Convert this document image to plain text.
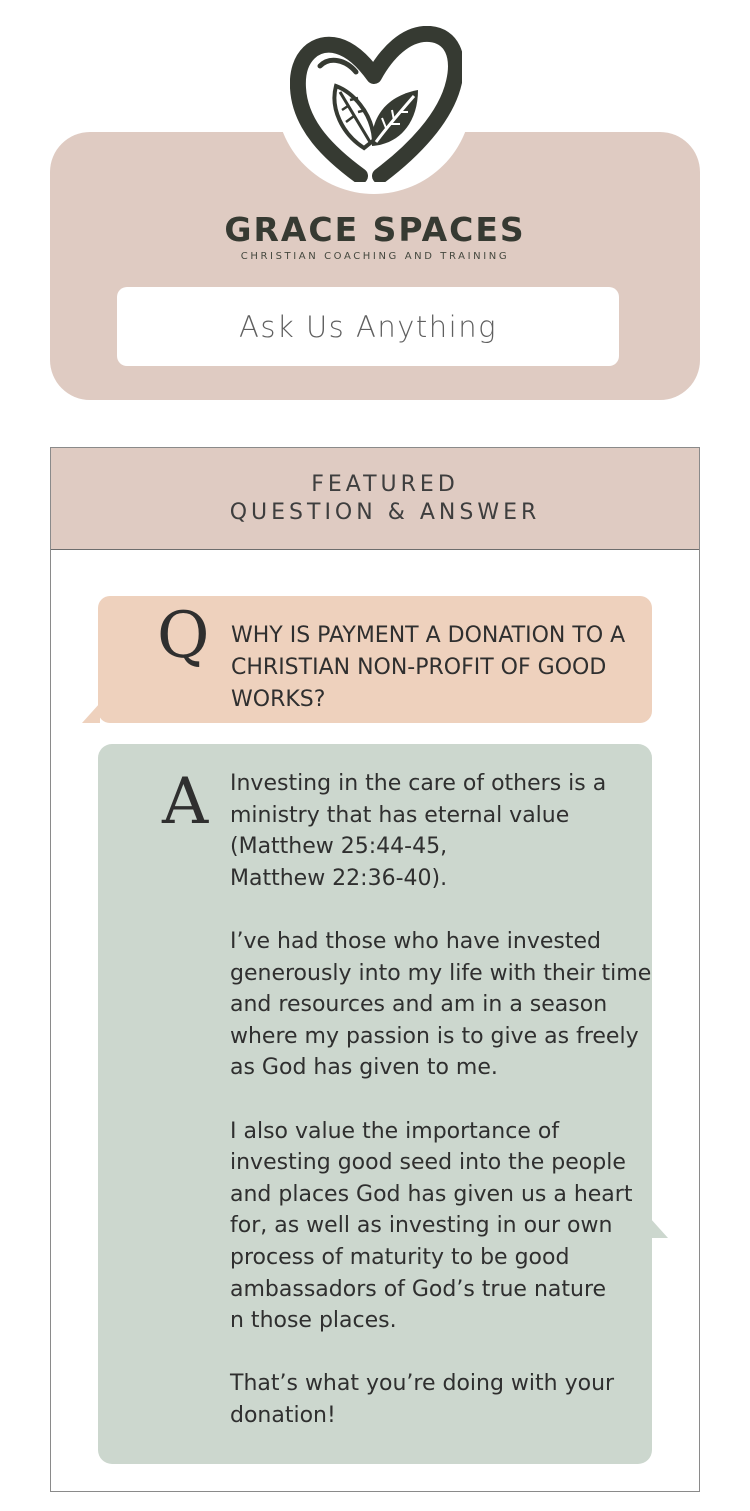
GRACE SPACES
CHRISTIAN COACHING AND TRAINING
Ask Us Anything
FEATURED
QUESTION & ANSWER
Q WHY IS PAYMENT A DONATION TO A CHRISTIAN NON-PROFIT OF GOOD WORKS?
A Investing in the care of others is a ministry that has eternal value (Matthew 25:44-45,
Matthew 22:36-40).

I’ve had those who have invested generously into my life with their time and resources and am in a season where my passion is to give as freely as God has given to me.

I also value the importance of investing good seed into the people and places God has given us a heart for, as well as investing in our own process of maturity to be good ambassadors of God’s true nature
n those places.

That’s what you’re doing with your donation!
